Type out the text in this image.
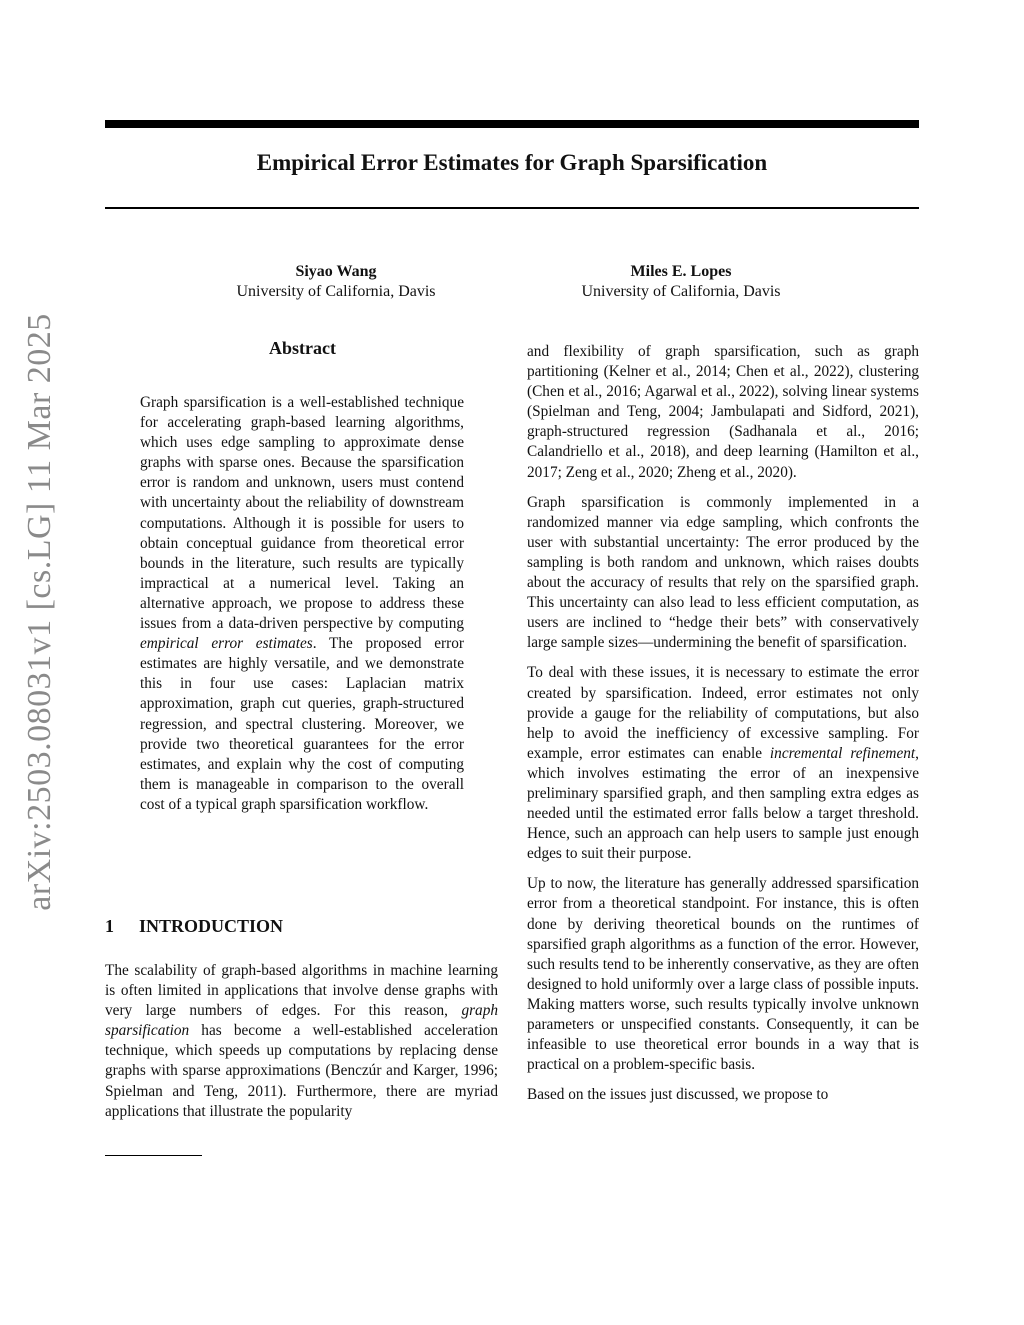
Empirical Error Estimates for Graph Sparsification
arXiv:2503.08031v1 [cs.LG] 11 Mar 2025
Siyao Wang
University of California, Davis
Miles E. Lopes
University of California, Davis
Abstract
Graph sparsification is a well-established technique for accelerating graph-based learning algorithms, which uses edge sampling to approximate dense graphs with sparse ones. Because the sparsification error is random and unknown, users must contend with uncertainty about the reliability of downstream computations. Although it is possible for users to obtain conceptual guidance from theoretical error bounds in the literature, such results are typically impractical at a numerical level. Taking an alternative approach, we propose to address these issues from a data-driven perspective by computing empirical error estimates. The proposed error estimates are highly versatile, and we demonstrate this in four use cases: Laplacian matrix approximation, graph cut queries, graph-structured regression, and spectral clustering. Moreover, we provide two theoretical guarantees for the error estimates, and explain why the cost of computing them is manageable in comparison to the overall cost of a typical graph sparsification workflow.
1 INTRODUCTION
The scalability of graph-based algorithms in machine learning is often limited in applications that involve dense graphs with very large numbers of edges. For this reason, graph sparsification has become a well-established acceleration technique, which speeds up computations by replacing dense graphs with sparse approximations (Benczúr and Karger, 1996; Spielman and Teng, 2011). Furthermore, there are myriad applications that illustrate the popularity

and flexibility of graph sparsification, such as graph partitioning (Kelner et al., 2014; Chen et al., 2022), clustering (Chen et al., 2016; Agarwal et al., 2022), solving linear systems (Spielman and Teng, 2004; Jambulapati and Sidford, 2021), graph-structured regression (Sadhanala et al., 2016; Calandriello et al., 2018), and deep learning (Hamilton et al., 2017; Zeng et al., 2020; Zheng et al., 2020).

Graph sparsification is commonly implemented in a randomized manner via edge sampling, which confronts the user with substantial uncertainty: The error produced by the sampling is both random and unknown, which raises doubts about the accuracy of results that rely on the sparsified graph. This uncertainty can also lead to less efficient computation, as users are inclined to “hedge their bets” with conservatively large sample sizes—undermining the benefit of sparsification.

To deal with these issues, it is necessary to estimate the error created by sparsification. Indeed, error estimates not only provide a gauge for the reliability of computations, but also help to avoid the inefficiency of excessive sampling. For example, error estimates can enable incremental refinement, which involves estimating the error of an inexpensive preliminary sparsified graph, and then sampling extra edges as needed until the estimated error falls below a target threshold. Hence, such an approach can help users to sample just enough edges to suit their purpose.

Up to now, the literature has generally addressed sparsification error from a theoretical standpoint. For instance, this is often done by deriving theoretical bounds on the runtimes of sparsified graph algorithms as a function of the error. However, such results tend to be inherently conservative, as they are often designed to hold uniformly over a large class of possible inputs. Making matters worse, such results typically involve unknown parameters or unspecified constants. Consequently, it can be infeasible to use theoretical error bounds in a way that is practical on a problem-specific basis.

Based on the issues just discussed, we propose to
